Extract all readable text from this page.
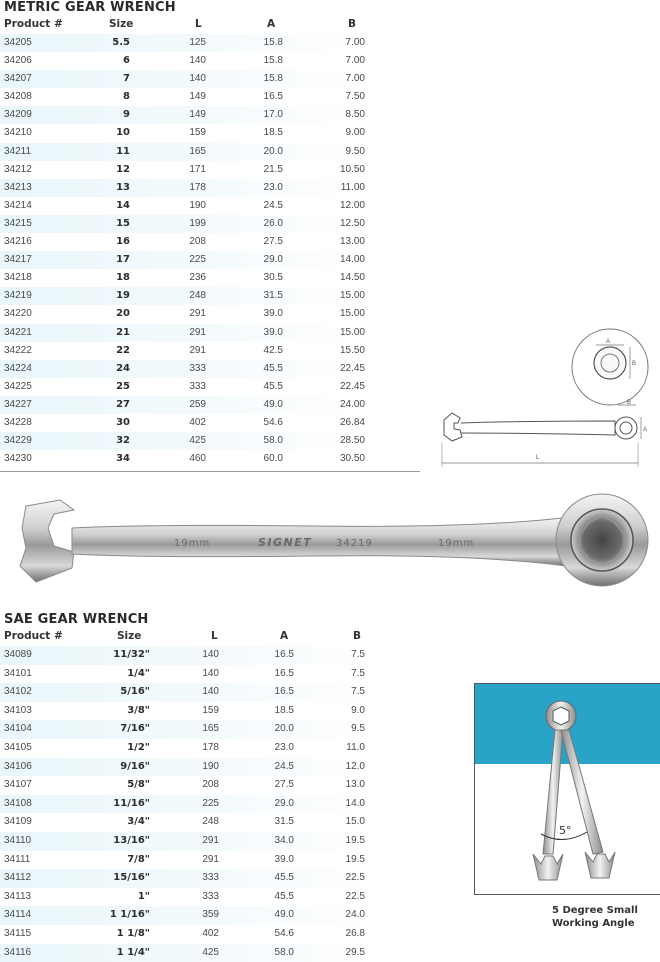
METRIC GEAR WRENCH
Product #	Size	L	A	B
34205	5.5	125	15.8	7.00
34206	6	140	15.8	7.00
34207	7	140	15.8	7.00
34208	8	149	16.5	7.50
34209	9	149	17.0	8.50
34210	10	159	18.5	9.00
34211	11	165	20.0	9.50
34212	12	171	21.5	10.50
34213	13	178	23.0	11.00
34214	14	190	24.5	12.00
34215	15	199	26.0	12.50
34216	16	208	27.5	13.00
34217	17	225	29.0	14.00
34218	18	236	30.5	14.50
34219	19	248	31.5	15.00
34220	20	291	39.0	15.00
34221	21	291	39.0	15.00
34222	22	291	42.5	15.50
34224	24	333	45.5	22.45
34225	25	333	45.5	22.45
34227	27	259	49.0	24.00
34228	30	402	54.6	26.84
34229	32	425	58.0	28.50
34230	34	460	60.0	30.50
A
B
B
A
L
19mm	SIGNET 34219	19mm
SAE GEAR WRENCH
Product #	Size	L	A	B
34089	11/32"	140	16.5	7.5
34101	1/4"	140	16.5	7.5
34102	5/16"	140	16.5	7.5
34103	3/8"	159	18.5	9.0
34104	7/16"	165	20.0	9.5
34105	1/2"	178	23.0	11.0
34106	9/16"	190	24.5	12.0
34107	5/8"	208	27.5	13.0
34108	11/16"	225	29.0	14.0
34109	3/4"	248	31.5	15.0
34110	13/16"	291	34.0	19.5
34111	7/8"	291	39.0	19.5
34112	15/16"	333	45.5	22.5
34113	1"	333	45.5	22.5
34114	1 1/16"	359	49.0	24.0
34115	1 1/8"	402	54.6	26.8
34116	1 1/4"	425	58.0	29.5
5°
5 Degree Small
Working Angle
